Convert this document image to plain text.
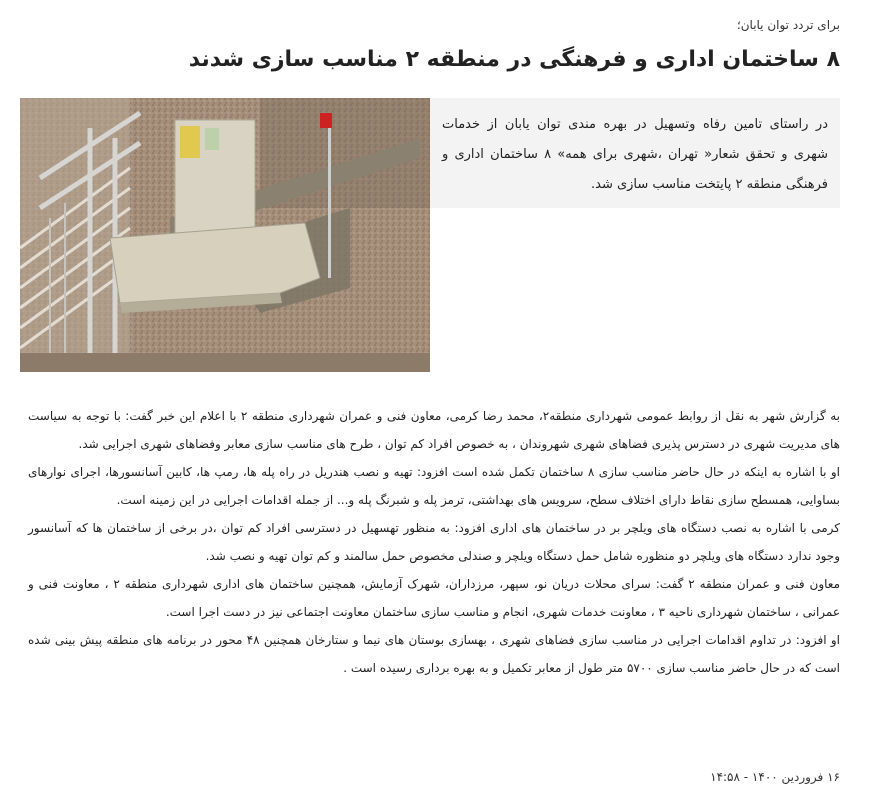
برای تردد توان یابان؛
۸ ساختمان اداری و فرهنگی در منطقه ۲ مناسب سازی شدند
در راستای تامین رفاه وتسهیل در بهره مندی توان یابان از خدمات شهری و تحقق شعار« تهران ،شهری برای همه» ۸ ساختمان اداری و فرهنگی منطقه ۲ پایتخت مناسب سازی شد.

به گزارش شهر به نقل از روابط عمومی شهرداری منطقه۲، محمد رضا کرمی، معاون فنی و عمران شهرداری منطقه ۲ با اعلام این خبر گفت: با توجه به سیاست های مدیریت شهری در دسترس پذیری فضاهای شهری شهروندان ، به خصوص افراد کم توان ، طرح های مناسب سازی معابر وفضاهای شهری اجرایی شد.

او با اشاره به اینکه در حال حاضر مناسب سازی ۸ ساختمان تکمل شده است افزود: تهیه و نصب هندریل در راه پله ها، رمپ ها، کابین آسانسورها، اجرای نوارهای بساوایی، همسطح سازی نقاط دارای اختلاف سطح، سرویس های بهداشتی، ترمز پله و شبرنگ پله و... از جمله اقدامات اجرایی در این زمینه است.

کرمی با اشاره به نصب دستگاه های ویلچر بر در ساختمان های اداری افزود: به منظور تهسهیل در دسترسی افراد کم توان ،در برخی از ساختمان ها که آسانسور وجود ندارد دستگاه های ویلچر دو منظوره شامل حمل دستگاه ویلچر و صندلی مخصوص حمل سالمند و کم توان تهیه و نصب شد.

معاون فنی و عمران منطقه ۲ گفت: سرای محلات دریان نو، سپهر، مرزداران، شهرک آزمایش، همچنین ساختمان های اداری شهرداری منطقه ۲ ، معاونت فنی و عمرانی ، ساختمان شهرداری ناحیه ۳ ، معاونت خدمات شهری، انجام و مناسب سازی ساختمان معاونت اجتماعی نیز در دست اجرا است.

او افزود: در تداوم اقدامات اجرایی در مناسب سازی فضاهای شهری ، بهسازی بوستان های نیما و ستارخان همچنین ۴۸ محور در برنامه های منطقه پیش بینی شده است که در حال حاضر مناسب سازی ۵۷۰۰ متر طول از معابر تکمیل و به بهره برداری رسیده است .

۱۶ فروردین ۱۴۰۰ - ۱۴:۵۸
